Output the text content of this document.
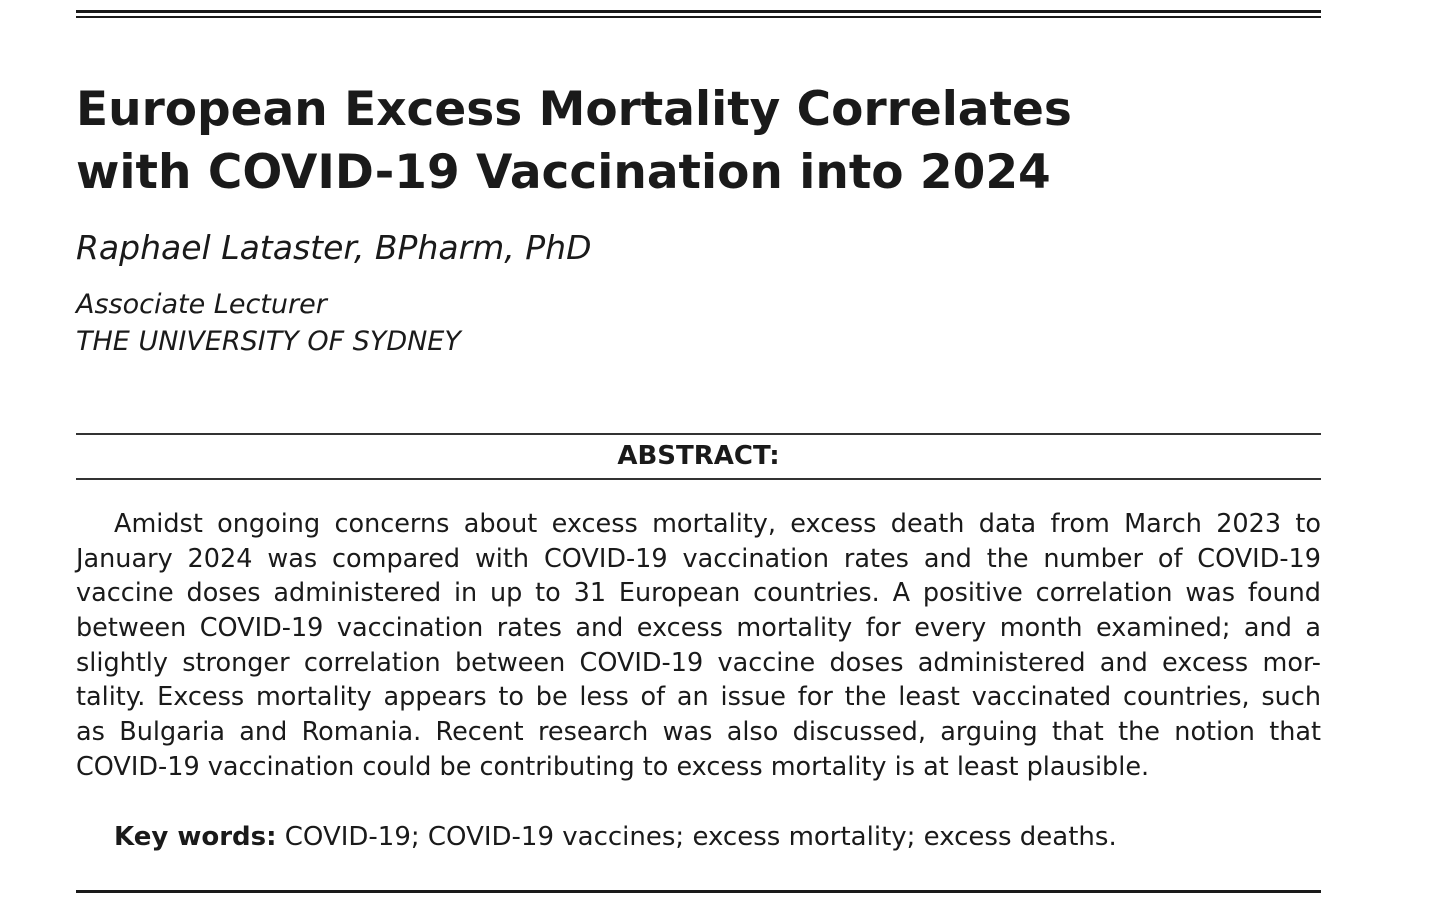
European Excess Mortality Correlates
with COVID-19 Vaccination into 2024
Raphael Lataster, BPharm, PhD
Associate Lecturer
THE UNIVERSITY OF SYDNEY
ABSTRACT:
Amidst ongoing concerns about excess mortality, excess death data from March 2023 to
January 2024 was compared with COVID-19 vaccination rates and the number of COVID-19
vaccine doses administered in up to 31 European countries. A positive correlation was found
between COVID-19 vaccination rates and excess mortality for every month examined; and a
slightly stronger correlation between COVID-19 vaccine doses administered and excess mor-
tality. Excess mortality appears to be less of an issue for the least vaccinated countries, such
as Bulgaria and Romania. Recent research was also discussed, arguing that the notion that
COVID-19 vaccination could be contributing to excess mortality is at least plausible.
Key words: COVID-19; COVID-19 vaccines; excess mortality; excess deaths.
